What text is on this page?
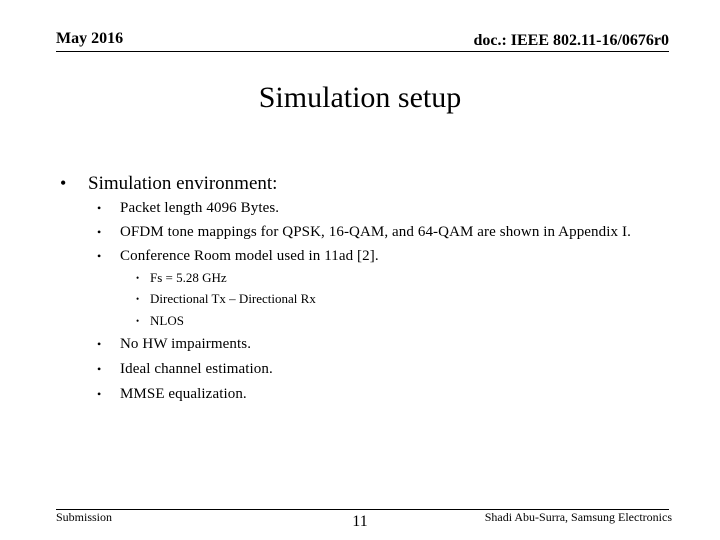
May 2016	doc.: IEEE 802.11-16/0676r0
Simulation setup
• Simulation environment:
• Packet length 4096 Bytes.
• OFDM tone mappings for QPSK, 16-QAM, and 64-QAM are shown in Appendix I.
• Conference Room model used in 11ad [2].
• Fs = 5.28 GHz
• Directional Tx – Directional Rx
• NLOS
• No HW impairments.
• Ideal channel estimation.
• MMSE equalization.
Submission	11	Shadi Abu-Surra, Samsung Electronics
